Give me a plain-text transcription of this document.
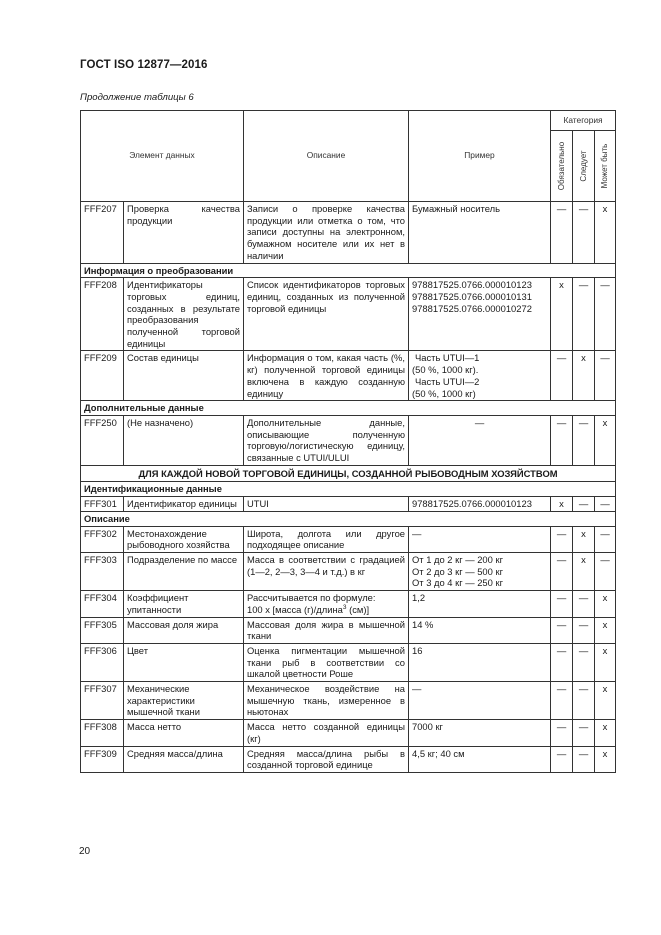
ГОСТ ISO 12877—2016
Продолжение таблицы 6
Элемент данных		Описание	Пример	Категория		

				Обязательно	Следует	Может быть

FFF207	Проверка качества продукции	Записи о проверке качества продукции или отметка о том, что записи доступны на электронном, бумажном носителе или их нет в наличии	Бумажный носитель	—	—	x
Информация о преобразовании						
FFF208	Идентификаторы торговых единиц, созданных в результате преобразования полученной торговой единицы	Список идентификаторов торговых единиц, созданных из полученной торговой единицы	978817525.0766.000010123
978817525.0766.000010131
978817525.0766.000010272	x	—	—
FFF209	Состав единицы	Информация о том, какая часть (%, кг) полученной торговой единицы включена в каждую созданную единицу	Часть UTUI—1
(50 %, 1000 кг).
Часть UTUI—2
(50 %, 1000 кг)	—	x	—
Дополнительные данные						
FFF250	(Не назначено)	Дополнительные данные, описывающие полученную торговую/логистическую единицу, связанные с UTUI/ULUI	—	—	—	x
ДЛЯ КАЖДОЙ НОВОЙ ТОРГОВОЙ ЕДИНИЦЫ, СОЗДАННОЙ РЫБОВОДНЫМ ХОЗЯЙСТВОМ						
Идентификационные данные						
FFF301	Идентификатор единицы	UTUI	978817525.0766.000010123	x	—	—
Описание						
FFF302	Местонахождение рыбоводного хозяйства	Широта, долгота или другое подходящее описание	—	—	x	—
FFF303	Подразделение по массе	Масса в соответствии с градацией (1—2, 2—3, 3—4 и т.д.) в кг	От 1 до 2 кг — 200 кг
От 2 до 3 кг — 500 кг
От 3 до 4 кг — 250 кг	—	x	—
FFF304	Коэффициент упитанности	Рассчитывается по формуле:
100 x [масса (г)/длина$^3$ (см)]	1,2	—	—	x
FFF305	Массовая доля жира	Массовая доля жира в мышечной ткани	14 %	—	—	x
FFF306	Цвет	Оценка пигментации мышечной ткани рыб в соответствии со шкалой цветности Роше	16	—	—	x
FFF307	Механические характеристики мышечной ткани	Механическое воздействие на мышечную ткань, измеренное в ньютонах	—	—	—	x
FFF308	Масса нетто	Масса нетто созданной единицы (кг)	7000 кг	—	—	x
FFF309	Средняя масса/длина	Средняя масса/длина рыбы в созданной торговой единице	4,5 кг; 40 см	—	—	x
20
